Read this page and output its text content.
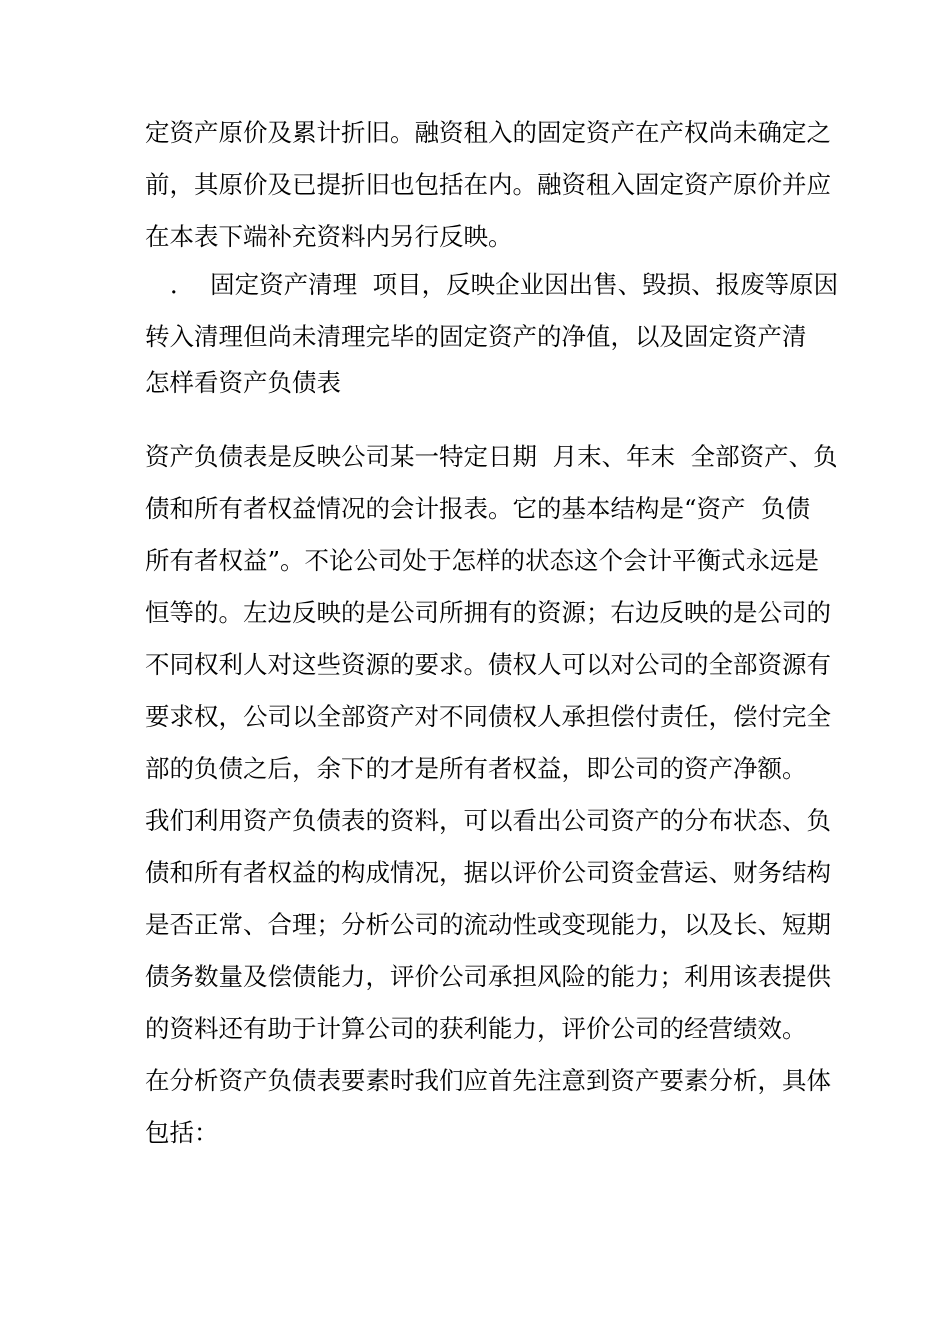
定资产原价及累计折旧。融资租入的固定资产在产权尚未确定之
前，其原价及已提折旧也包括在内。融资租入固定资产原价并应
在本表下端补充资料内另行反映。
．  固定资产清理  项目，反映企业因出售、毁损、报废等原因
转入清理但尚未清理完毕的固定资产的净值，以及固定资产清
怎样看资产负债表
资产负债表是反映公司某一特定日期  月末、年末  全部资产、负
债和所有者权益情况的会计报表。它的基本结构是“资产  负债
所有者权益”。不论公司处于怎样的状态这个会计平衡式永远是
恒等的。左边反映的是公司所拥有的资源；右边反映的是公司的
不同权利人对这些资源的要求。债权人可以对公司的全部资源有
要求权，公司以全部资产对不同债权人承担偿付责任，偿付完全
部的负债之后，余下的才是所有者权益，即公司的资产净额。
我们利用资产负债表的资料，可以看出公司资产的分布状态、负
债和所有者权益的构成情况，据以评价公司资金营运、财务结构
是否正常、合理；分析公司的流动性或变现能力，以及长、短期
债务数量及偿债能力，评价公司承担风险的能力；利用该表提供
的资料还有助于计算公司的获利能力，评价公司的经营绩效。
在分析资产负债表要素时我们应首先注意到资产要素分析，具体
包括：
